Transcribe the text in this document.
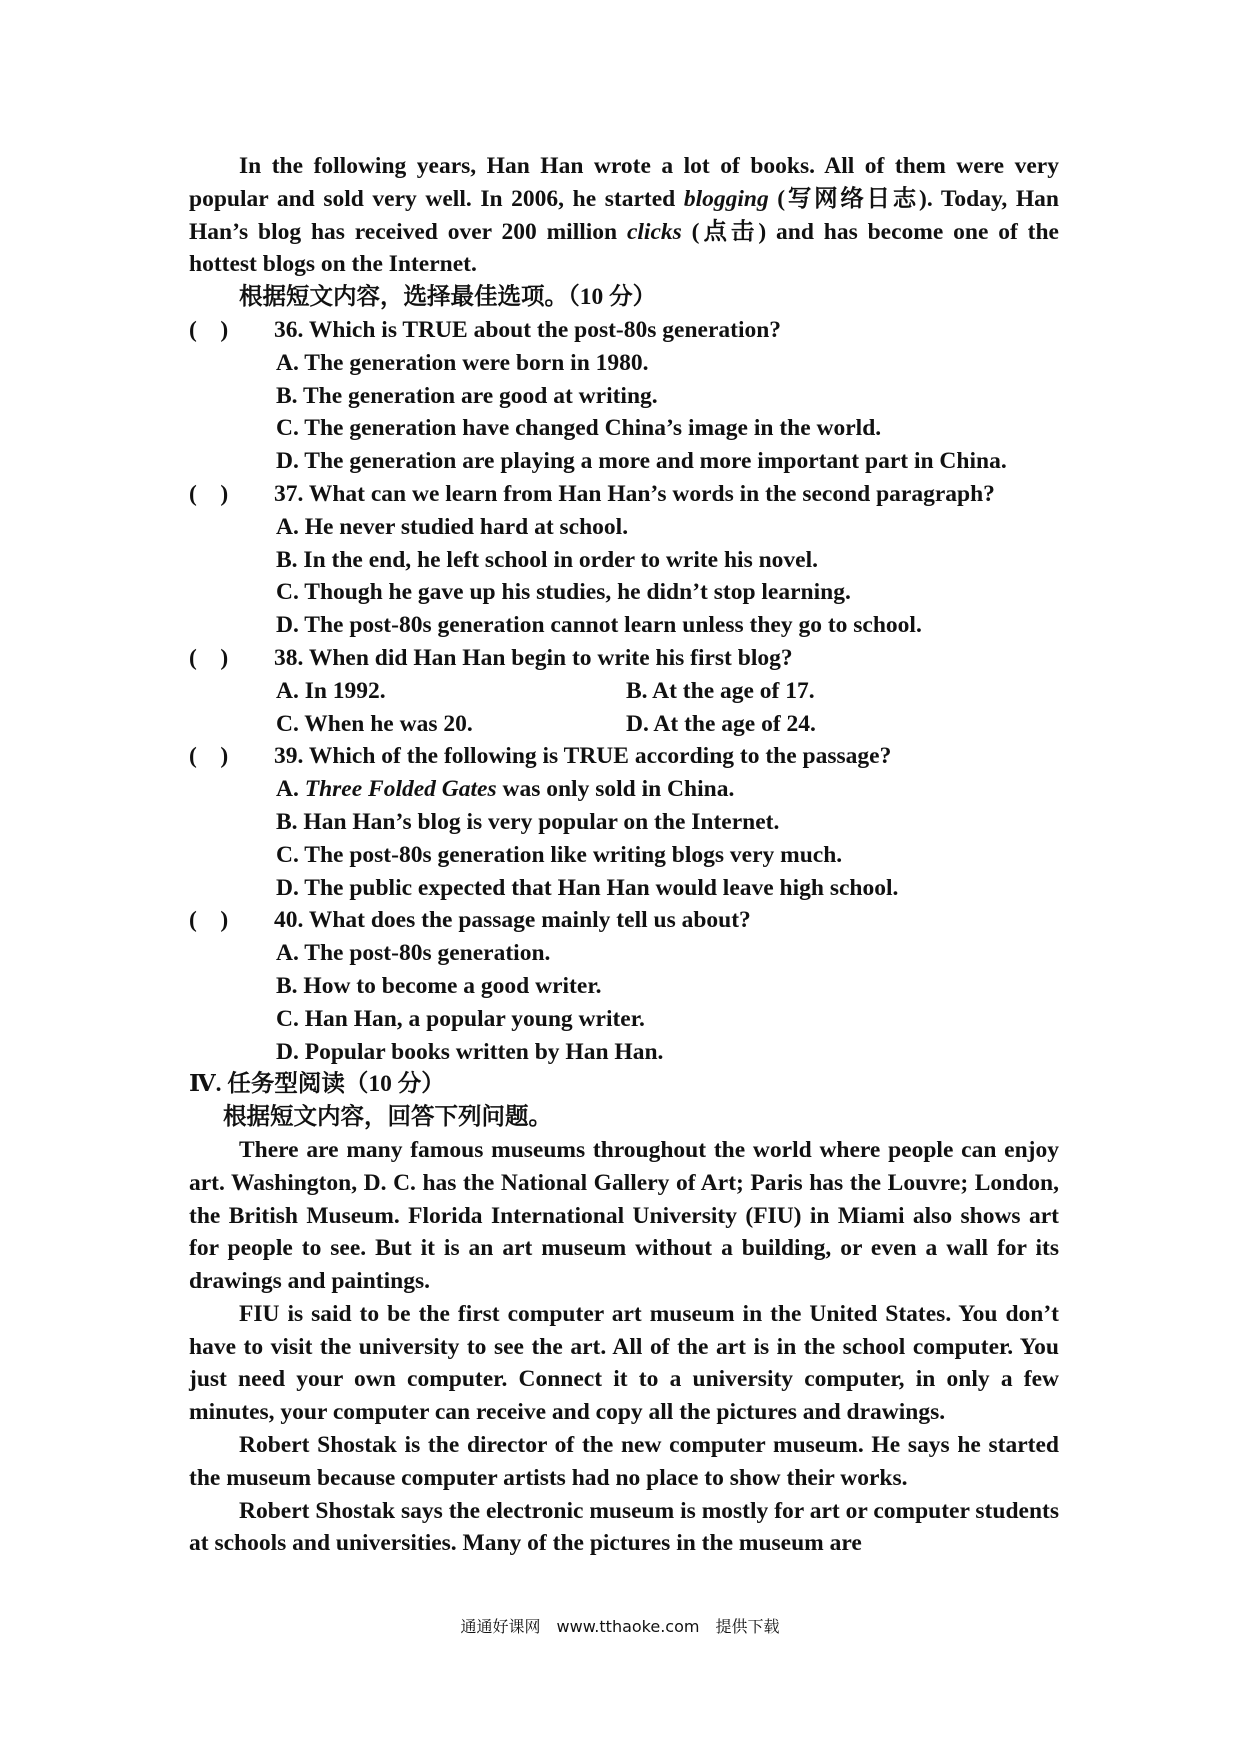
In the following years, Han Han wrote a lot of books. All of them were very popular and sold very well. In 2006, he started blogging (写网络日志). Today, Han Han’s blog has received over 200 million clicks (点击) and has become one of the hottest blogs on the Internet.

根据短文内容，选择最佳选项。（10 分）

(　) 36. Which is TRUE about the post-80s generation?

A. The generation were born in 1980.

B. The generation are good at writing.

C. The generation have changed China’s image in the world.

D. The generation are playing a more and more important part in China.

(　) 37. What can we learn from Han Han’s words in the second paragraph?

A. He never studied hard at school.

B. In the end, he left school in order to write his novel.

C. Though he gave up his studies, he didn’t stop learning.

D. The post-80s generation cannot learn unless they go to school.

(　) 38. When did Han Han begin to write his first blog?

A. In 1992.	B. At the age of 17.

C. When he was 20.	D. At the age of 24.

(　) 39. Which of the following is TRUE according to the passage?

A. Three Folded Gates was only sold in China.

B. Han Han’s blog is very popular on the Internet.

C. The post-80s generation like writing blogs very much.

D. The public expected that Han Han would leave high school.

(　) 40. What does the passage mainly tell us about?

A. The post-80s generation.

B. How to become a good writer.

C. Han Han, a popular young writer.

D. Popular books written by Han Han.

Ⅳ. 任务型阅读（10 分）

根据短文内容，回答下列问题。

There are many famous museums throughout the world where people can enjoy art. Washington, D. C. has the National Gallery of Art; Paris has the Louvre; London, the British Museum. Florida International University (FIU) in Miami also shows art for people to see. But it is an art museum without a building, or even a wall for its drawings and paintings.

FIU is said to be the first computer art museum in the United States. You don’t have to visit the university to see the art. All of the art is in the school computer. You just need your own computer. Connect it to a university computer, in only a few minutes, your computer can receive and copy all the pictures and drawings.

Robert Shostak is the director of the new computer museum. He says he started the museum because computer artists had no place to show their works.

Robert Shostak says the electronic museum is mostly for art or computer students at schools and universities. Many of the pictures in the museum are

通通好课网　www.tthaoke.com　提供下载
